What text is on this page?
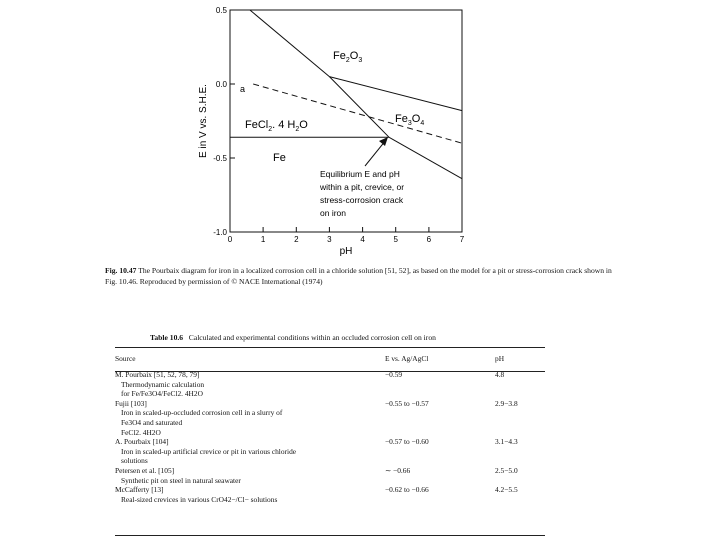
0.5
0.0
-0.5
-1.0
0	1	2	3	4	5	6	7
pH
E in V vs. S.H.E.	a
$Fe_2O_3$
$Fe_3O_4$
FeCl$_2$. 4 $H_2O$
Fe
Equilibrium E and pH
within a pit, crevice, or
stress-corrosion crack
on iron
Fig. 10.47 The Pourbaix diagram for iron in a localized corrosion cell in a chloride solution [51, 52], as based on the model for a pit or stress-corrosion crack shown in Fig. 10.46. Reproduced by permission of © NACE International (1974)
Table 10.6 Calculated and experimental conditions within an occluded corrosion cell on iron
Source	E vs. Ag/AgCl	pH

M. Pourbaix [51, 52, 78, 79]
Thermodynamic calculation
for Fe/Fe3O4/FeCl2. 4H2O	−0.59	4.8

Fujii [103]
Iron in scaled-up-occluded corrosion cell in a slurry of
Fe3O4 and saturated
FeCl2. 4H2O	−0.55 to −0.57	2.9−3.8

A. Pourbaix [104]
Iron in scaled-up artificial crevice or pit in various chloride
solutions	−0.57 to −0.60	3.1−4.3

Petersen et al. [105]
Synthetic pit on steel in natural seawater	∼ −0.66	2.5−5.0

McCafferty [13]
Real-sized crevices in various CrO42−/Cl− solutions	−0.62 to −0.66	4.2−5.5
